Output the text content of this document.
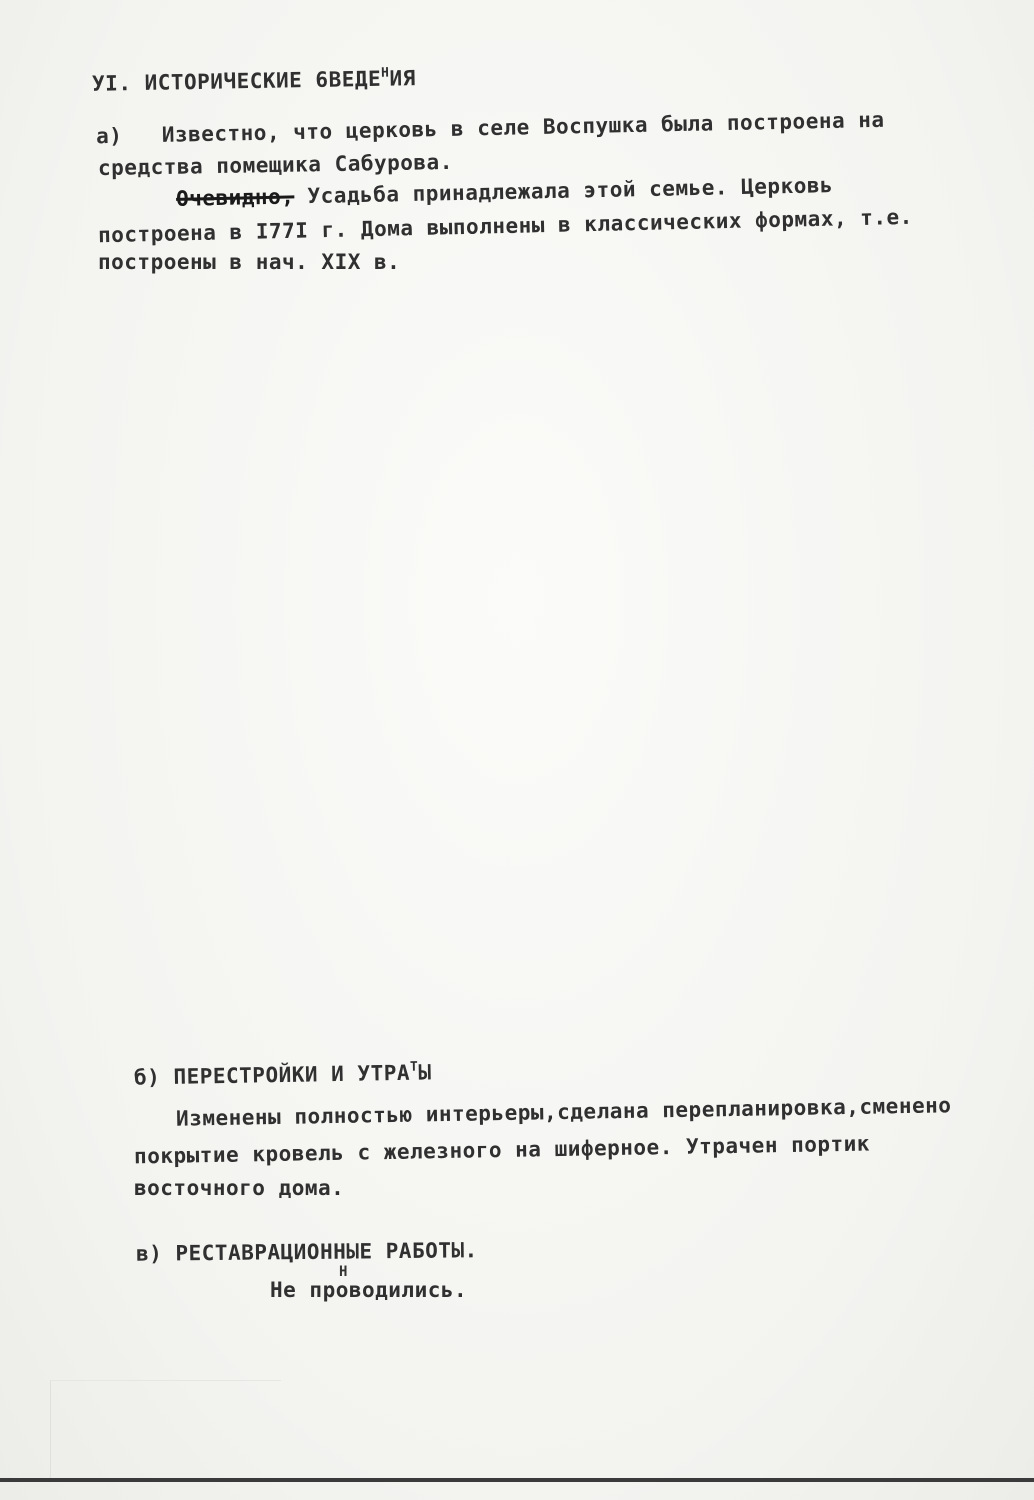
УI. ИСТОРИЧЕСКИЕ $6ВЕДЕ^НИЯ$
а) Известно, что церковь в селе Воспушка была построена на
средства помещика Сабурова.
Очевидно, Усадьба принадлежала этой семье. Церковь
построена в I77I г. Дома выполнены в классических формах, т.е.
построены в нач. XIX в.
б) ПЕРЕСТРОЙКИ И $УТРА^ТЫ$
Изменены полностью интерьеры,сделана перепланировка,сменено
покрытие кровель с железного на шиферное. Утрачен портик
восточного дома.
в) РЕСТАВРАЦИОННЫЕ РАБОТЫ.
Н
Не проводились.
